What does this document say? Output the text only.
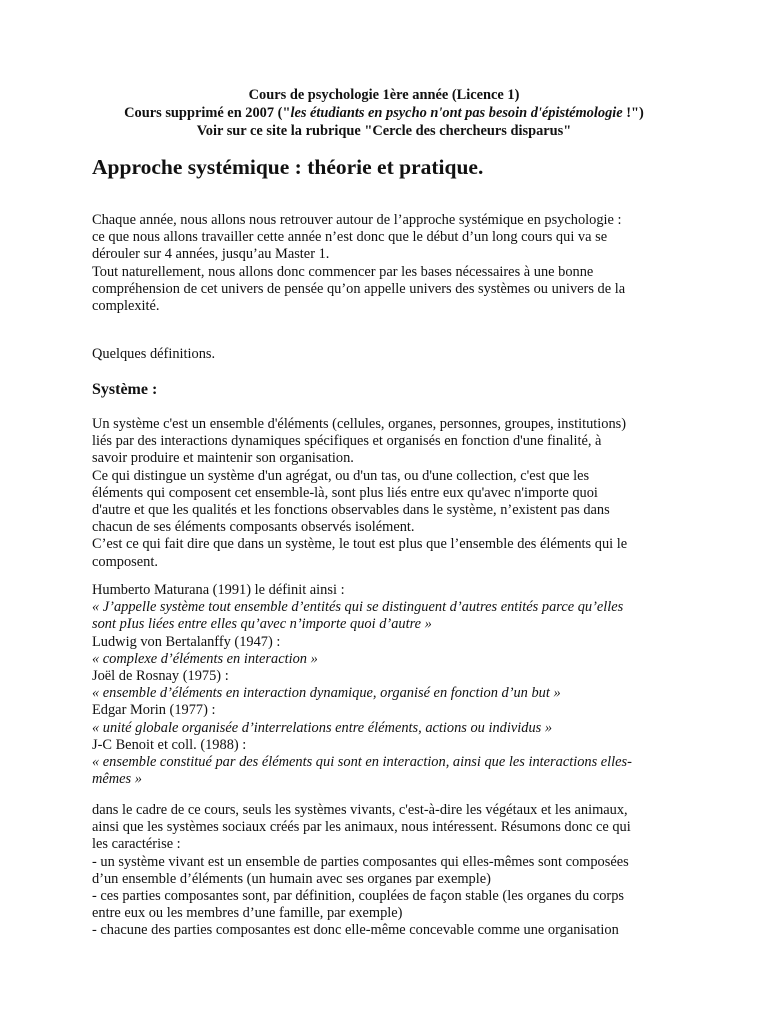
Cours de psychologie 1ère année (Licence 1)
Cours supprimé en 2007 ("les étudiants en psycho n'ont pas besoin d'épistémologie !")
Voir sur ce site la rubrique "Cercle des chercheurs disparus"
Approche systémique : théorie et pratique.
Chaque année, nous allons nous retrouver autour de l’approche systémique en psychologie :
ce que nous allons travailler cette année n’est donc que le début d’un long cours qui va se
dérouler sur 4 années, jusqu’au Master 1.
Tout naturellement, nous allons donc commencer par les bases nécessaires à une bonne
compréhension de cet univers de pensée qu’on appelle univers des systèmes ou univers de la
complexité.
Quelques définitions.
Système :
Un système c'est un ensemble d'éléments (cellules, organes, personnes, groupes, institutions)
liés par des interactions dynamiques spécifiques et organisés en fonction d'une finalité, à
savoir produire et maintenir son organisation.
Ce qui distingue un système d'un agrégat, ou d'un tas, ou d'une collection, c'est que les
éléments qui composent cet ensemble-là, sont plus liés entre eux qu'avec n'importe quoi
d'autre et que les qualités et les fonctions observables dans le système, n’existent pas dans
chacun de ses éléments composants observés isolément.
C’est ce qui fait dire que dans un système, le tout est plus que l’ensemble des éléments qui le
composent.
Humberto Maturana (1991) le définit ainsi :
« J’appelle système tout ensemble d’entités qui se distinguent d’autres entités parce qu’elles
sont pIus liées entre elles qu’avec n’importe quoi d’autre »
Ludwig von Bertalanffy (1947) :
« complexe d’éléments en interaction »
Joël de Rosnay (1975) :
« ensemble d’éléments en interaction dynamique, organisé en fonction d’un but »
Edgar Morin (1977) :
« unité globale organisée d’interrelations entre éléments, actions ou individus »
J-C Benoit et coll. (1988) :
« ensemble constitué par des éléments qui sont en interaction, ainsi que les interactions elles-
mêmes »
dans le cadre de ce cours, seuls les systèmes vivants, c'est-à-dire les végétaux et les animaux,
ainsi que les systèmes sociaux créés par les animaux, nous intéressent. Résumons donc ce qui
les caractérise :
- un système vivant est un ensemble de parties composantes qui elles-mêmes sont composées
d’un ensemble d’éléments (un humain avec ses organes par exemple)
- ces parties composantes sont, par définition, couplées de façon stable (les organes du corps
entre eux ou les membres d’une famille, par exemple)
- chacune des parties composantes est donc elle-même concevable comme une organisation
